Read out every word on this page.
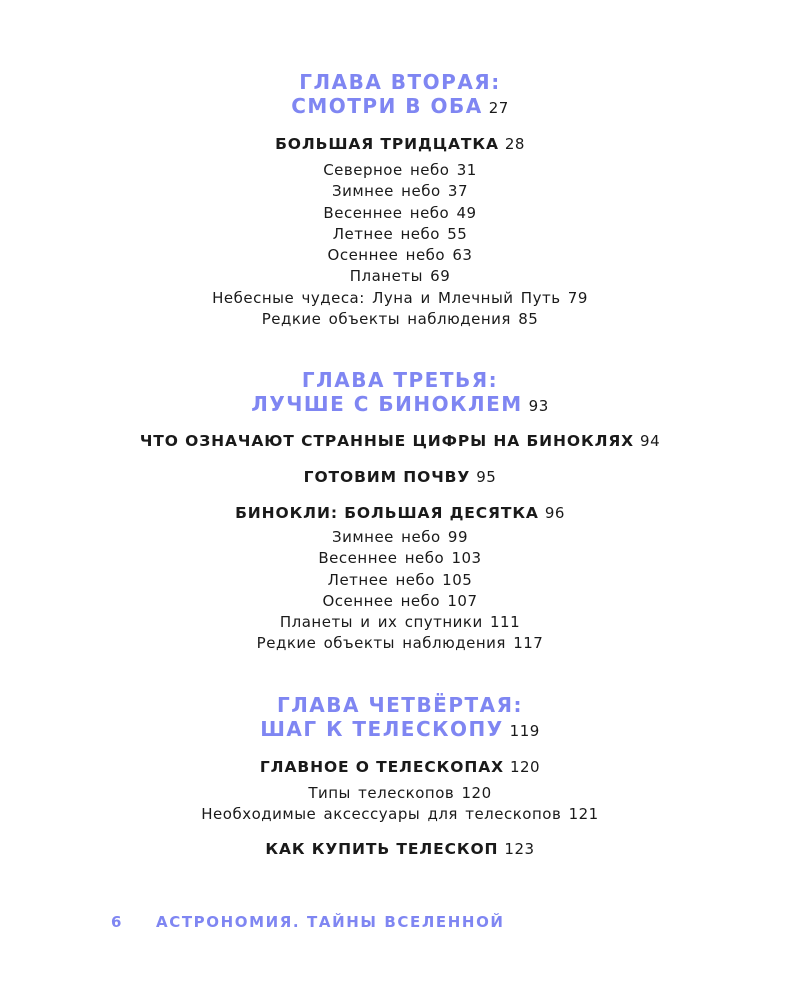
ГЛАВА ВТОРАЯ:
СМОТРИ В ОБА 27
БОЛЬШАЯ ТРИДЦАТКА 28
Северное небо 31
Зимнее небо 37
Весеннее небо 49
Летнее небо 55
Осеннее небо 63
Планеты 69
Небесные чудеса: Луна и Млечный Путь 79
Редкие объекты наблюдения 85
ГЛАВА ТРЕТЬЯ:
ЛУЧШЕ С БИНОКЛЕМ 93
ЧТО ОЗНАЧАЮТ СТРАННЫЕ ЦИФРЫ НА БИНОКЛЯХ 94
ГОТОВИМ ПОЧВУ 95
БИНОКЛИ: БОЛЬШАЯ ДЕСЯТКА 96
Зимнее небо 99
Весеннее небо 103
Летнее небо 105
Осеннее небо 107
Планеты и их спутники 111
Редкие объекты наблюдения 117
ГЛАВА ЧЕТВЁРТАЯ:
ШАГ К ТЕЛЕСКОПУ 119
ГЛАВНОЕ О ТЕЛЕСКОПАХ 120
Типы телескопов 120
Необходимые аксессуары для телескопов 121
КАК КУПИТЬ ТЕЛЕСКОП 123
6 АСТРОНОМИЯ. ТАЙНЫ ВСЕЛЕННОЙ
